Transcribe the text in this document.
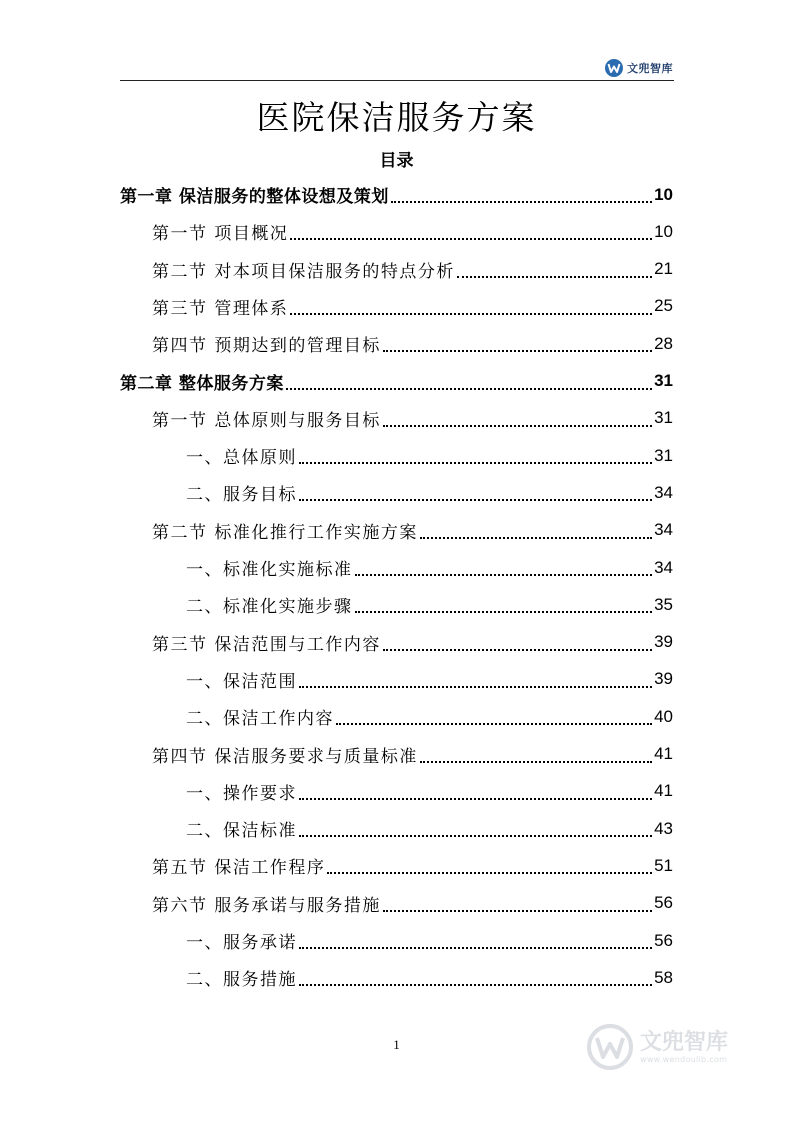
文兜智库
医院保洁服务方案
目录
第一章 保洁服务的整体设想及策划	10
第一节 项目概况	10
第二节 对本项目保洁服务的特点分析	21
第三节 管理体系	25
第四节 预期达到的管理目标	28
第二章 整体服务方案	31
第一节 总体原则与服务目标	31
一、总体原则	31
二、服务目标	34
第二节 标准化推行工作实施方案	34
一、标准化实施标准	34
二、标准化实施步骤	35
第三节 保洁范围与工作内容	39
一、保洁范围	39
二、保洁工作内容	40
第四节 保洁服务要求与质量标准	41
一、操作要求	41
二、保洁标准	43
第五节 保洁工作程序	51
第六节 服务承诺与服务措施	56
一、服务承诺	56
二、服务措施	58
1	文兜智库
www.wendoulib.com
